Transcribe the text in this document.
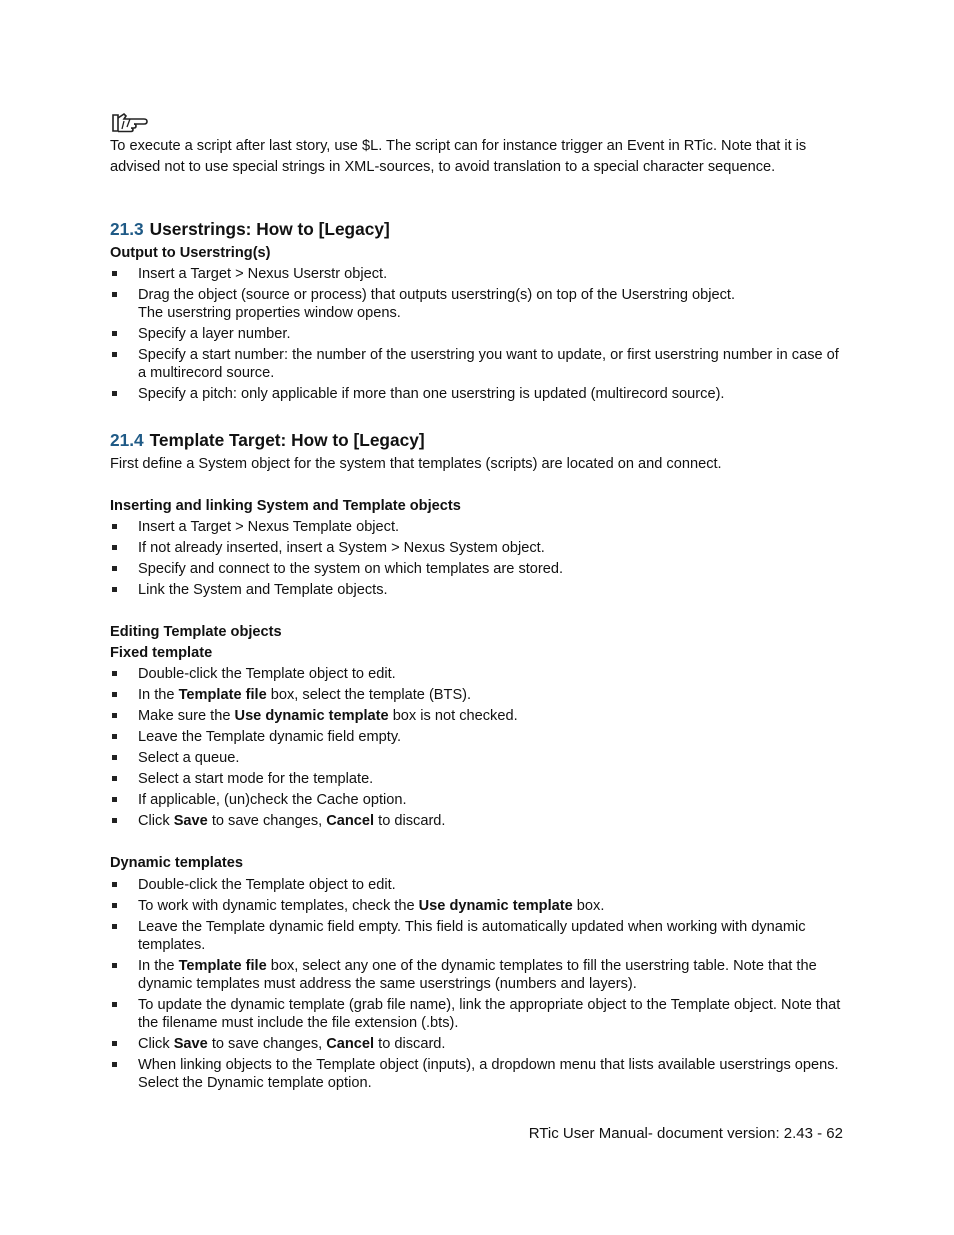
To execute a script after last story, use $L. The script can for instance trigger an Event in RTic. Note that it is advised not to use special strings in XML-sources, to avoid translation to a special character sequence.

21.3 Userstrings: How to [Legacy]

Output to Userstring(s)

Insert a Target > Nexus Userstr object.
Drag the object (source or process) that outputs userstring(s) on top of the Userstring object.
The userstring properties window opens.
Specify a layer number.
Specify a start number: the number of the userstring you want to update, or first userstring number in case of a multirecord source.
Specify a pitch: only applicable if more than one userstring is updated (multirecord source).
21.4 Template Target: How to [Legacy]

First define a System object for the system that templates (scripts) are located on and connect.

Inserting and linking System and Template objects

Insert a Target > Nexus Template object.
If not already inserted, insert a System > Nexus System object.
Specify and connect to the system on which templates are stored.
Link the System and Template objects.

Editing Template objects

Fixed template

Double-click the Template object to edit.
In the Template file box, select the template (BTS).
Make sure the Use dynamic template box is not checked.
Leave the Template dynamic field empty.
Select a queue.
Select a start mode for the template.
If applicable, (un)check the Cache option.
Click Save to save changes, Cancel to discard.

Dynamic templates

Double-click the Template object to edit.
To work with dynamic templates, check the Use dynamic template box.
Leave the Template dynamic field empty. This field is automatically updated when working with dynamic templates.
In the Template file box, select any one of the dynamic templates to fill the userstring table. Note that the dynamic templates must address the same userstrings (numbers and layers).
To update the dynamic template (grab file name), link the appropriate object to the Template object. Note that the filename must include the file extension (.bts).
Click Save to save changes, Cancel to discard.
When linking objects to the Template object (inputs), a dropdown menu that lists available userstrings opens. Select the Dynamic template option.

RTic User Manual- document version: 2.43 - 62
